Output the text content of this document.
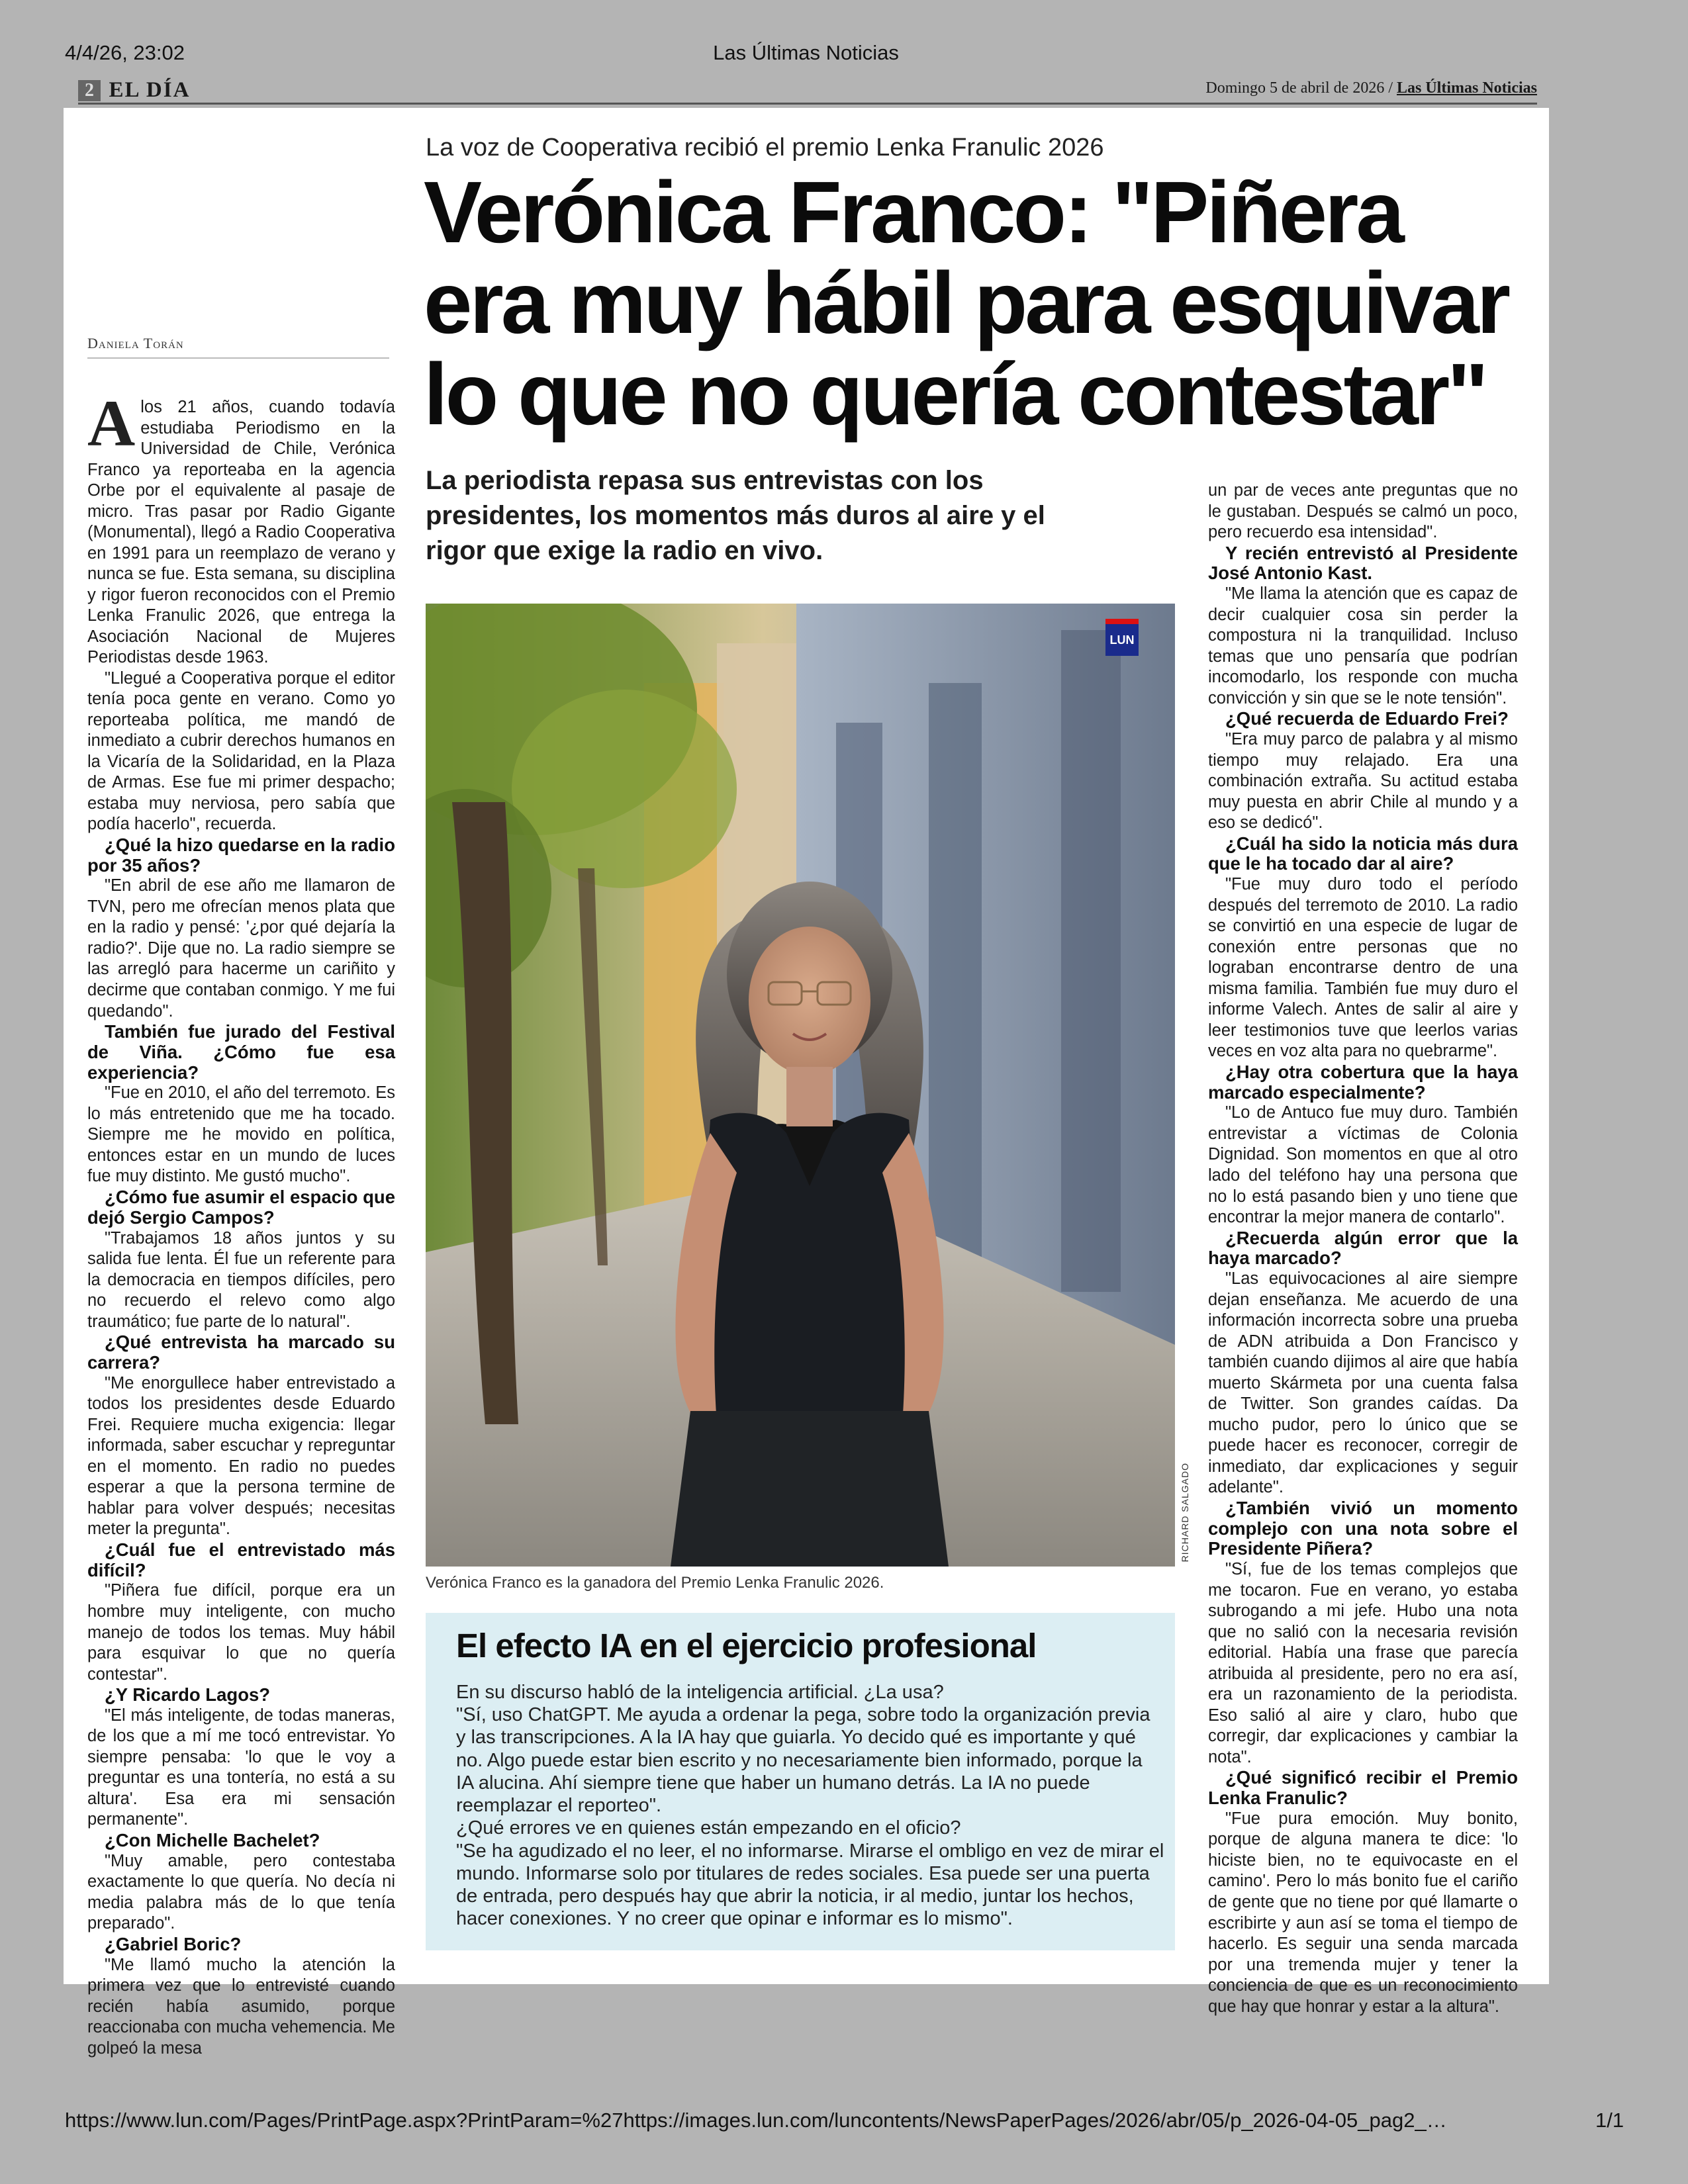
4/4/26, 23:02	Las Últimas Noticias
https://www.lun.com/Pages/PrintPage.aspx?PrintParam=%27https://images.lun.com/luncontents/NewsPaperPages/2026/abr/05/p_2026-04-05_pag2_…	1/1
2 EL DÍA	Domingo 5 de abril de 2026 / Las Últimas Noticias
La voz de Cooperativa recibió el premio Lenka Franulic 2026
Verónica Franco: "Piñera era muy hábil para esquivar lo que no quería contestar"

La periodista repasa sus entrevistas con los presidentes, los momentos más duros al aire y el rigor que exige la radio en vivo.

Daniela Torán

Alos 21 años, cuando todavía estudiaba Periodismo en la Universidad de Chile, Verónica Franco ya reporteaba en la agencia Orbe por el equivalente al pasaje de micro. Tras pasar por Radio Gigante (Monumental), llegó a Radio Cooperativa en 1991 para un reemplazo de verano y nunca se fue. Esta semana, su disciplina y rigor fueron reconocidos con el Premio Lenka Franulic 2026, que entrega la Asociación Nacional de Mujeres Periodistas desde 1963.

"Llegué a Cooperativa porque el editor tenía poca gente en verano. Como yo reporteaba política, me mandó de inmediato a cubrir derechos humanos en la Vicaría de la Solidaridad, en la Plaza de Armas. Ese fue mi primer despacho; estaba muy nerviosa, pero sabía que podía hacerlo", recuerda.

¿Qué la hizo quedarse en la radio por 35 años?

"En abril de ese año me llamaron de TVN, pero me ofrecían menos plata que en la radio y pensé: '¿por qué dejaría la radio?'. Dije que no. La radio siempre se las arregló para hacerme un cariñito y decirme que contaban conmigo. Y me fui quedando".

También fue jurado del Festival de Viña. ¿Cómo fue esa experiencia?

"Fue en 2010, el año del terremoto. Es lo más entretenido que me ha tocado. Siempre me he movido en política, entonces estar en un mundo de luces fue muy distinto. Me gustó mucho".

¿Cómo fue asumir el espacio que dejó Sergio Campos?

"Trabajamos 18 años juntos y su salida fue lenta. Él fue un referente para la democracia en tiempos difíciles, pero no recuerdo el relevo como algo traumático; fue parte de lo natural".

¿Qué entrevista ha marcado su carrera?

"Me enorgullece haber entrevistado a todos los presidentes desde Eduardo Frei. Requiere mucha exigencia: llegar informada, saber escuchar y repreguntar en el momento. En radio no puedes esperar a que la persona termine de hablar para volver después; necesitas meter la pregunta".

¿Cuál fue el entrevistado más difícil?

"Piñera fue difícil, porque era un hombre muy inteligente, con mucho manejo de todos los temas. Muy hábil para esquivar lo que no quería contestar".

¿Y Ricardo Lagos?

"El más inteligente, de todas maneras, de los que a mí me tocó entrevistar. Yo siempre pensaba: 'lo que le voy a preguntar es una tontería, no está a su altura'. Esa era mi sensación permanente".

¿Con Michelle Bachelet?

"Muy amable, pero contestaba exactamente lo que quería. No decía ni media palabra más de lo que tenía preparado".

¿Gabriel Boric?

"Me llamó mucho la atención la primera vez que lo entrevisté cuando recién había asumido, porque reaccionaba con mucha vehemencia. Me golpeó la mesa

LUN
RICHARD SALGADO
Verónica Franco es la ganadora del Premio Lenka Franulic 2026.

un par de veces ante preguntas que no le gustaban. Después se calmó un poco, pero recuerdo esa intensidad".

Y recién entrevistó al Presidente José Antonio Kast.

"Me llama la atención que es capaz de decir cualquier cosa sin perder la compostura ni la tranquilidad. Incluso temas que uno pensaría que podrían incomodarlo, los responde con mucha convicción y sin que se le note tensión".

¿Qué recuerda de Eduardo Frei?

"Era muy parco de palabra y al mismo tiempo muy relajado. Era una combinación extraña. Su actitud estaba muy puesta en abrir Chile al mundo y a eso se dedicó".

¿Cuál ha sido la noticia más dura que le ha tocado dar al aire?

"Fue muy duro todo el período después del terremoto de 2010. La radio se convirtió en una especie de lugar de conexión entre personas que no lograban encontrarse dentro de una misma familia. También fue muy duro el informe Valech. Antes de salir al aire y leer testimonios tuve que leerlos varias veces en voz alta para no quebrarme".

¿Hay otra cobertura que la haya marcado especialmente?

"Lo de Antuco fue muy duro. También entrevistar a víctimas de Colonia Dignidad. Son momentos en que al otro lado del teléfono hay una persona que no lo está pasando bien y uno tiene que encontrar la mejor manera de contarlo".

¿Recuerda algún error que la haya marcado?

"Las equivocaciones al aire siempre dejan enseñanza. Me acuerdo de una información incorrecta sobre una prueba de ADN atribuida a Don Francisco y también cuando dijimos al aire que había muerto Skármeta por una cuenta falsa de Twitter. Son grandes caídas. Da mucho pudor, pero lo único que se puede hacer es reconocer, corregir de inmediato, dar explicaciones y seguir adelante".

¿También vivió un momento complejo con una nota sobre el Presidente Piñera?

"Sí, fue de los temas complejos que me tocaron. Fue en verano, yo estaba subrogando a mi jefe. Hubo una nota que no salió con la necesaria revisión editorial. Había una frase que parecía atribuida al presidente, pero no era así, era un razonamiento de la periodista. Eso salió al aire y claro, hubo que corregir, dar explicaciones y cambiar la nota".

¿Qué significó recibir el Premio Lenka Franulic?

"Fue pura emoción. Muy bonito, porque de alguna manera te dice: 'lo hiciste bien, no te equivocaste en el camino'. Pero lo más bonito fue el cariño de gente que no tiene por qué llamarte o escribirte y aun así se toma el tiempo de hacerlo. Es seguir una senda marcada por una tremenda mujer y tener la conciencia de que es un reconocimiento que hay que honrar y estar a la altura".

El efecto IA en el ejercicio profesional

En su discurso habló de la inteligencia artificial. ¿La usa?

"Sí, uso ChatGPT. Me ayuda a ordenar la pega, sobre todo la organización previa y las transcripciones. A la IA hay que guiarla. Yo decido qué es importante y qué no. Algo puede estar bien escrito y no necesariamente bien informado, porque la IA alucina. Ahí siempre tiene que haber un humano detrás. La IA no puede reemplazar el reporteo".

¿Qué errores ve en quienes están empezando en el oficio?

"Se ha agudizado el no leer, el no informarse. Mirarse el ombligo en vez de mirar el mundo. Informarse solo por titulares de redes sociales. Esa puede ser una puerta de entrada, pero después hay que abrir la noticia, ir al medio, juntar los hechos, hacer conexiones. Y no creer que opinar e informar es lo mismo".
